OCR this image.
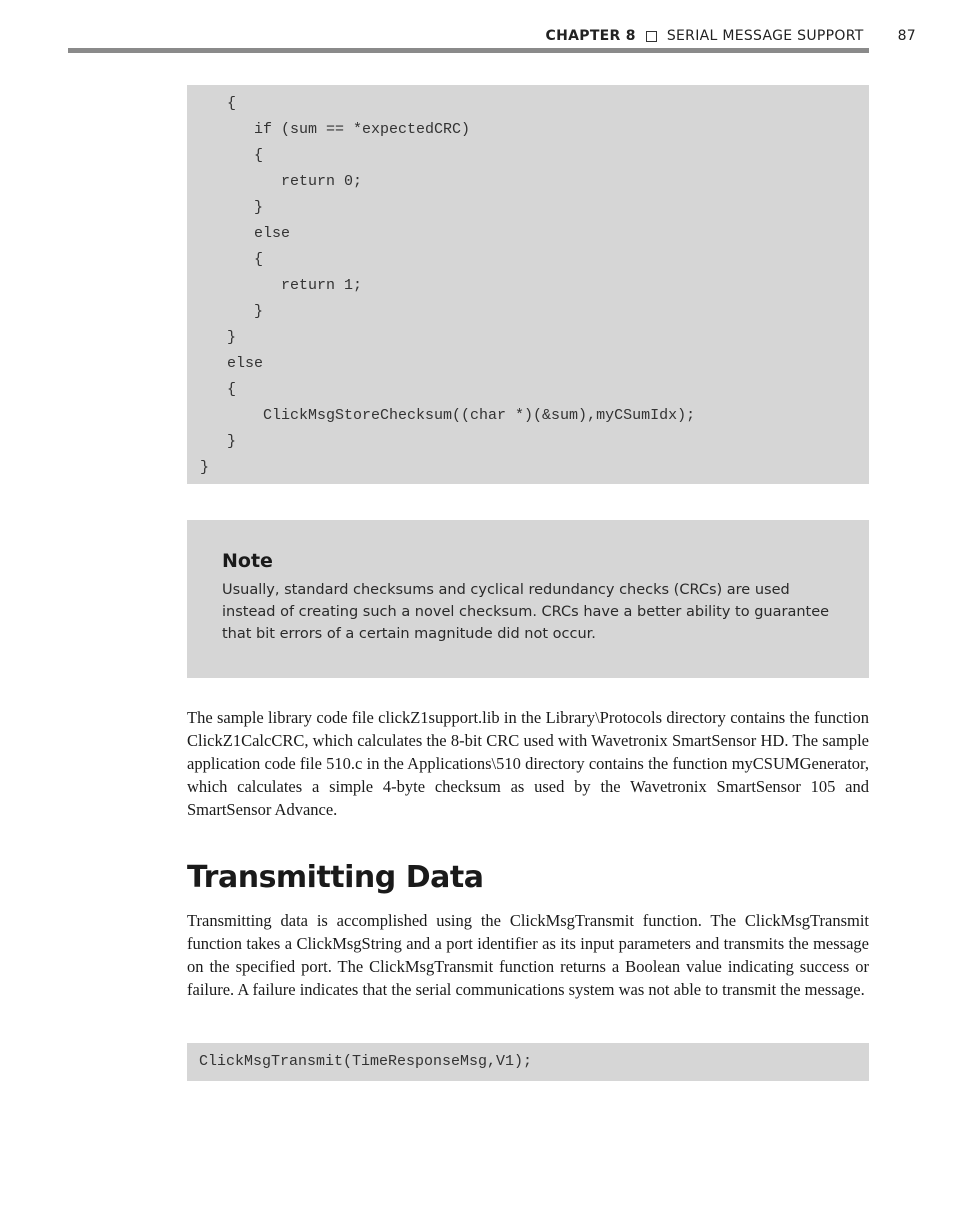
CHAPTER 8 SERIAL MESSAGE SUPPORT 87
{
if (sum == *expectedCRC)
{
return 0;
}
else
{
return 1;
}
}
else
{
ClickMsgStoreChecksum((char *)(&sum),myCSumIdx);
}
}

Note

Usually, standard checksums and cyclical redundancy checks (CRCs) are used instead of creating such a novel checksum. CRCs have a better ability to guarantee that bit errors of a certain magnitude did not occur.

The sample library code file clickZ1support.lib in the Library\Protocols directory contains the function ClickZ1CalcCRC, which calculates the 8-bit CRC used with Wavetronix SmartSensor HD. The sample application code file 510.c in the Applications\510 directory contains the function myCSUMGenerator, which calculates a simple 4-byte checksum as used by the Wavetronix SmartSensor 105 and SmartSensor Advance.

Transmitting Data

Transmitting data is accomplished using the ClickMsgTransmit function. The ClickMsgTransmit function takes a ClickMsgString and a port identifier as its input parameters and transmits the message on the specified port. The ClickMsgTransmit function returns a Boolean value indicating success or failure. A failure indicates that the serial communications system was not able to transmit the message.

ClickMsgTransmit(TimeResponseMsg,V1);
